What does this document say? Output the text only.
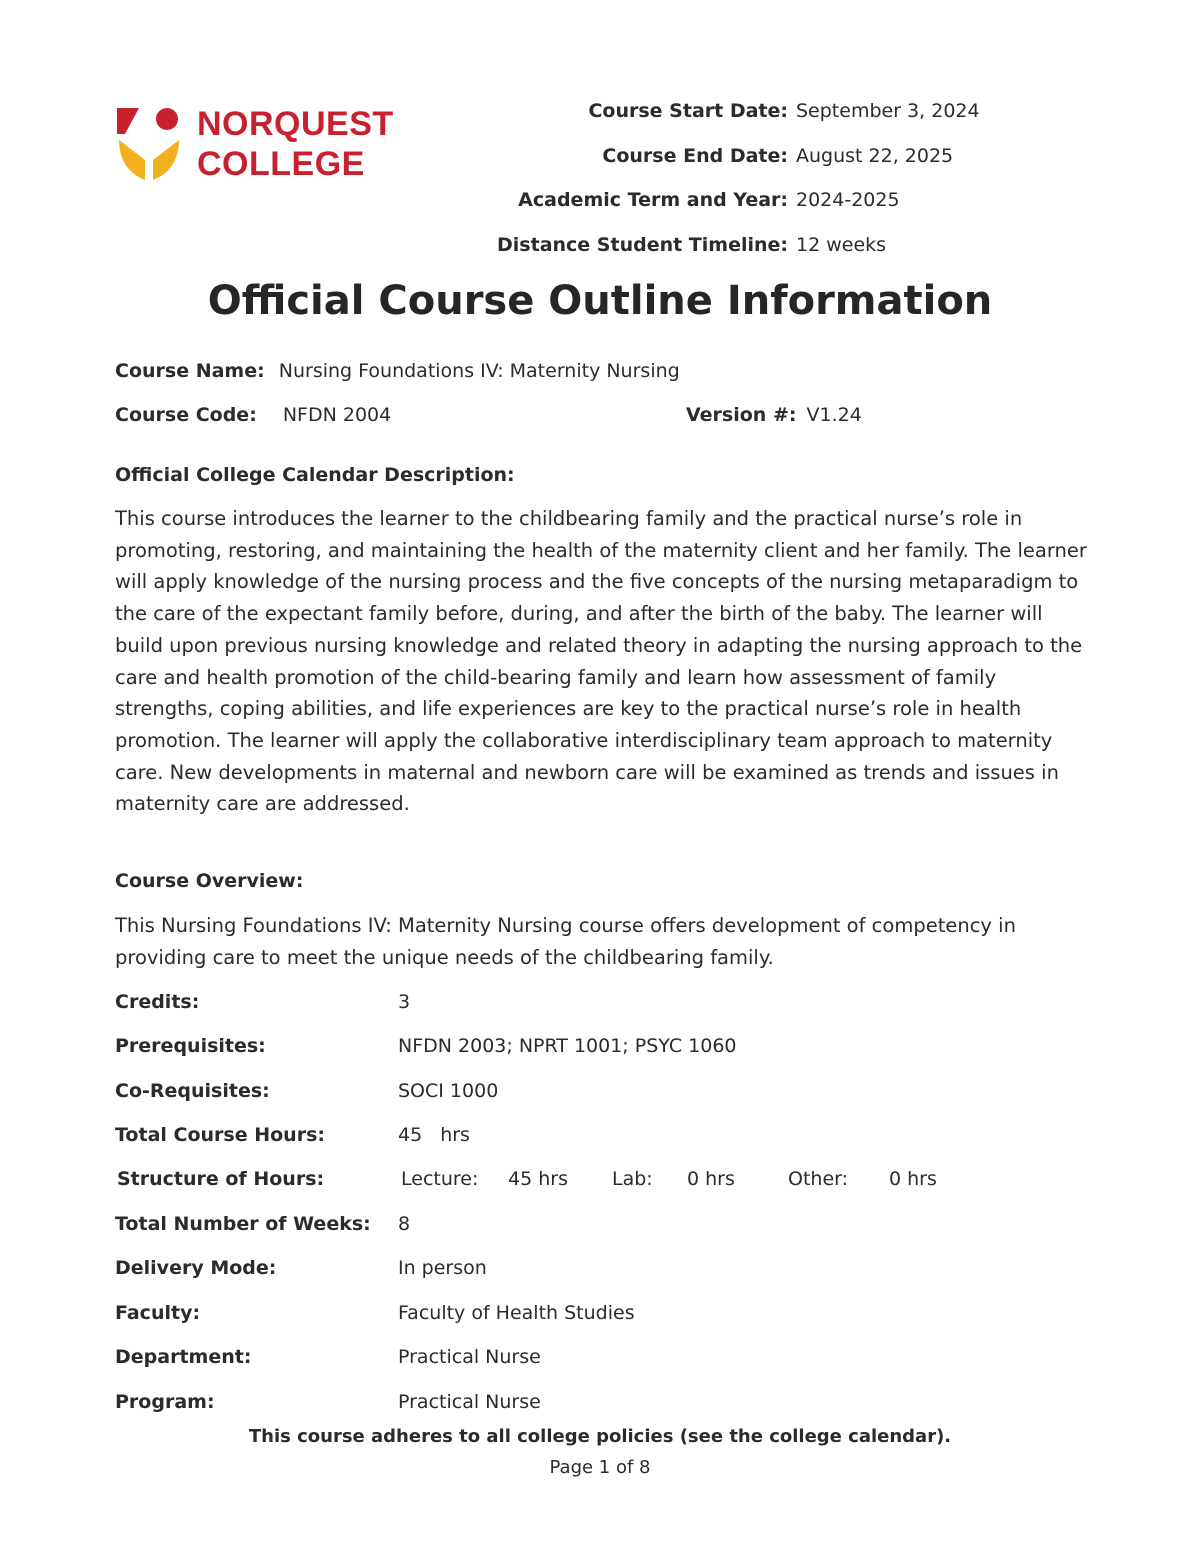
NORQUEST
COLLEGE
Course Start Date: September 3, 2024
Course End Date: August 22, 2025
Academic Term and Year: 2024-2025
Distance Student Timeline: 12 weeks
Official Course Outline Information
Course Name: Nursing Foundations IV: Maternity Nursing
Course Code: NFDN 2004	Version #: V1.24
Official College Calendar Description:
This course introduces the learner to the childbearing family and the practical nurse’s role in promoting, restoring, and maintaining the health of the maternity client and her family. The learner will apply knowledge of the nursing process and the five concepts of the nursing metaparadigm to the care of the expectant family before, during, and after the birth of the baby. The learner will build upon previous nursing knowledge and related theory in adapting the nursing approach to the care and health promotion of the child-bearing family and learn how assessment of family strengths, coping abilities, and life experiences are key to the practical nurse’s role in health promotion. The learner will apply the collaborative interdisciplinary team approach to maternity care. New developments in maternal and newborn care will be examined as trends and issues in maternity care are addressed.
Course Overview:
This Nursing Foundations IV: Maternity Nursing course offers development of competency in providing care to meet the unique needs of the childbearing family.
Credits:	3
Prerequisites:	NFDN 2003; NPRT 1001; PSYC 1060
Co-Requisites:	SOCI 1000
Total Course Hours:	45 hrs
Structure of Hours:	Lecture: 45 hrs Lab: 0 hrs	Other: 0 hrs
Total Number of Weeks: 8
Delivery Mode:	In person
Faculty:	Faculty of Health Studies
Department:	Practical Nurse
Program:	Practical Nurse
This course adheres to all college policies (see the college calendar).
Page 1 of 8
